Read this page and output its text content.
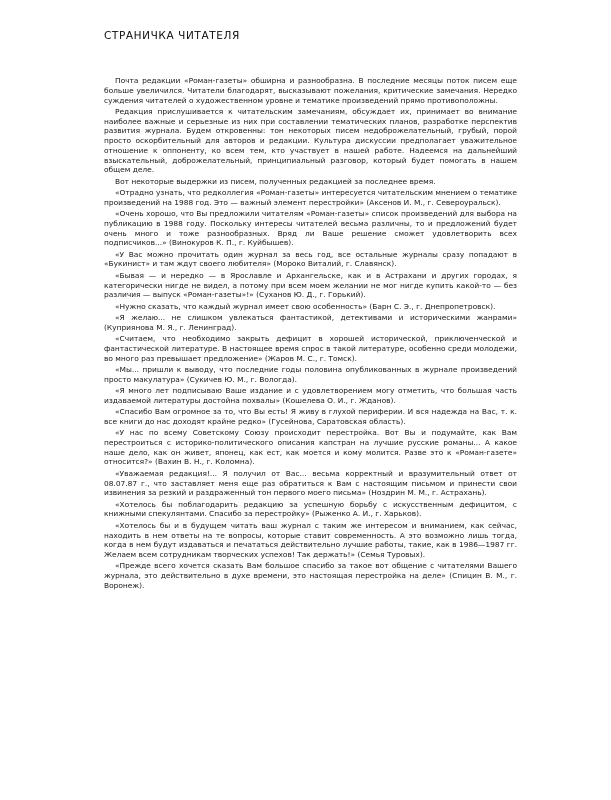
СТРАНИЧКА ЧИТАТЕЛЯ

Почта редакции «Роман-газеты» обширна и разнообразна. В последние месяцы поток писем еще больше увеличился. Читатели благодарят, высказывают пожелания, критические замечания. Нередко суждения читателей о художественном уровне и тематике произведений прямо противоположны.

Редакция прислушивается к читательским замечаниям, обсуждает их, принимает во внимание наиболее важные и серьезные из них при составлении тематических планов, разработке перспектив развития журнала. Будем откровенны: тон некоторых писем недоброжелательный, грубый, порой просто оскорбительный для авторов и редакции. Культура дискуссии предполагает уважительное отношение к оппоненту, ко всем тем, кто участвует в нашей работе. Надеемся на дальнейший взыскательный, доброжелательный, принципиальный разговор, который будет помогать в нашем общем деле.

Вот некоторые выдержки из писем, полученных редакцией за последнее время.

«Отрадно узнать, что редколлегия «Роман-газеты» интересуется читательским мнением о тематике произведений на 1988 год. Это — важный элемент перестройки» (Аксенов И. М., г. Североуральск).

«Очень хорошо, что Вы предложили читателям «Роман-газеты» список произведений для выбора на публикацию в 1988 году. Поскольку интересы читателей весьма различны, то и предложений будет очень много и тоже разнообразных. Вряд ли Ваше решение сможет удовлетворить всех подписчиков...» (Винокуров К. П., г. Куйбышев).

«У Вас можно прочитать один журнал за весь год, все остальные журналы сразу попадают в «Букинист» и там ждут своего любителя» (Мороко Виталий, г. Славянск).

«Бывая — и нередко — в Ярославле и Архангельске, как и в Астрахани и других городах, я категорически нигде не видел, а потому при всем моем желании не мог нигде купить какой-то — без различия — выпуск «Роман-газеты»!» (Суханов Ю. Д., г. Горький).

«Нужно сказать, что каждый журнал имеет свою особенность» (Барн С. Э., г. Днепропетровск).

«Я желаю... не слишком увлекаться фантастикой, детективами и историческими жанрами» (Куприянова М. Я., г. Ленинград).

«Считаем, что необходимо закрыть дефицит в хорошей исторической, приключенческой и фантастической литературе. В настоящее время спрос в такой литературе, особенно среди молодежи, во много раз превышает предложение» (Жаров М. С., г. Томск).

«Мы... пришли к выводу, что последние годы половина опубликованных в журнале произведений просто макулатура» (Сукичев Ю. М., г. Вологда).

«Я много лет подписываю Ваше издание и с удовлетворением могу отметить, что большая часть издаваемой литературы достойна похвалы» (Кошелева О. И., г. Жданов).

«Спасибо Вам огромное за то, что Вы есть! Я живу в глухой периферии. И вся надежда на Вас, т. к. все книги до нас доходят крайне редко» (Гусейнова, Саратовская область).

«У нас по всему Советскому Союзу происходит перестройка. Вот Вы и подумайте, как Вам перестроиться с историко-политического описания капстран на лучшие русские романы... А какое наше дело, как он живет, японец, как ест, как моется и кому молится. Разве это к «Роман-газете» относится?» (Вахин В. Н., г. Коломна).

«Уважаемая редакция!... Я получил от Вас... весьма корректный и вразумительный ответ от 08.07.87 г., что заставляет меня еще раз обратиться к Вам с настоящим письмом и принести свои извинения за резкий и раздраженный тон первого моего письма» (Ноздрин М. М., г. Астрахань).

«Хотелось бы поблагодарить редакцию за успешную борьбу с искусственным дефицитом, с книжными спекулянтами. Спасибо за перестройку» (Рыженко А. И., г. Харьков).

«Хотелось бы и в будущем читать ваш журнал с таким же интересом и вниманием, как сейчас, находить в нем ответы на те вопросы, которые ставит современность. А это возможно лишь тогда, когда в нем будут издаваться и печататься действительно лучшие работы, такие, как в 1986—1987 гг. Желаем всем сотрудникам творческих успехов! Так держать!» (Семья Туровых).

«Прежде всего хочется сказать Вам большое спасибо за такое вот общение с читателями Вашего журнала, это действительно в духе времени, это настоящая перестройка на деле» (Спицин В. М., г. Воронеж).
